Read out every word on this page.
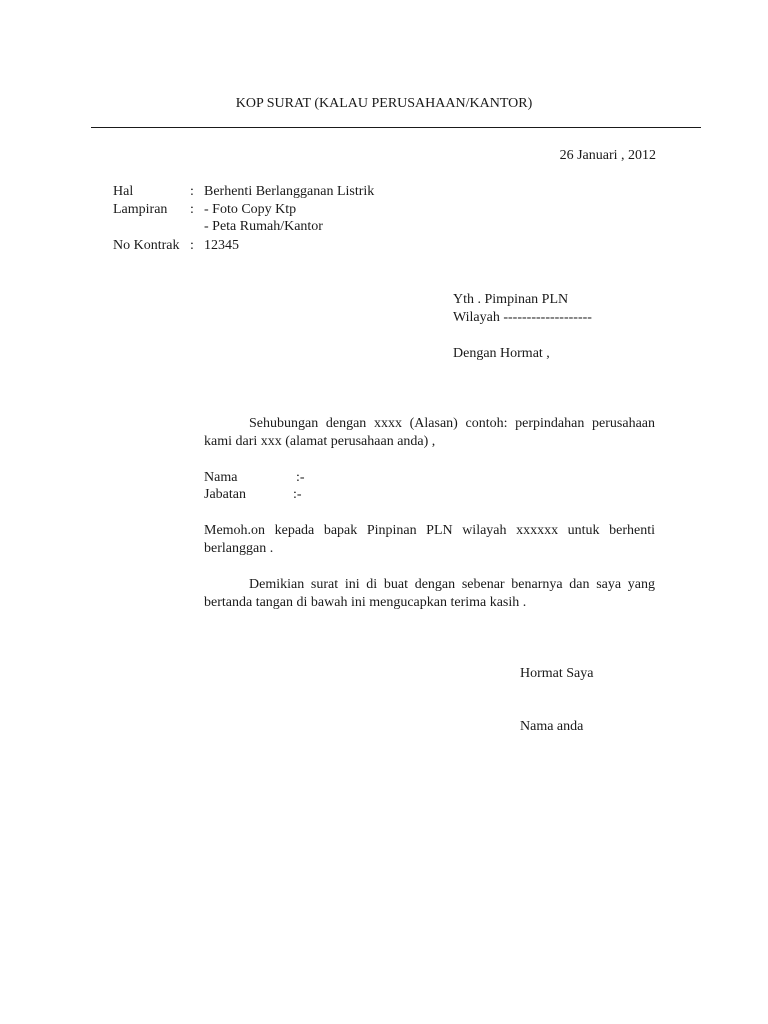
KOP SURAT (KALAU PERUSAHAAN/KANTOR)
26 Januari , 2012
Hal	: Berhenti Berlangganan Listrik
Lampiran : - Foto Copy Ktp
- Peta Rumah/Kantor
No Kontrak : 12345
Yth . Pimpinan PLN
Wilayah -------------------
Dengan Hormat ,
Sehubungan dengan xxxx (Alasan) contoh: perpindahan perusahaan kami dari xxx (alamat perusahaan anda) ,
Nama	:-
Jabatan	:-
Memoh.on kepada bapak Pinpinan PLN wilayah xxxxxx untuk berhenti berlanggan .
Demikian surat ini di buat dengan sebenar benarnya dan saya yang bertanda tangan di bawah ini mengucapkan terima kasih .
Hormat Saya
Nama anda
